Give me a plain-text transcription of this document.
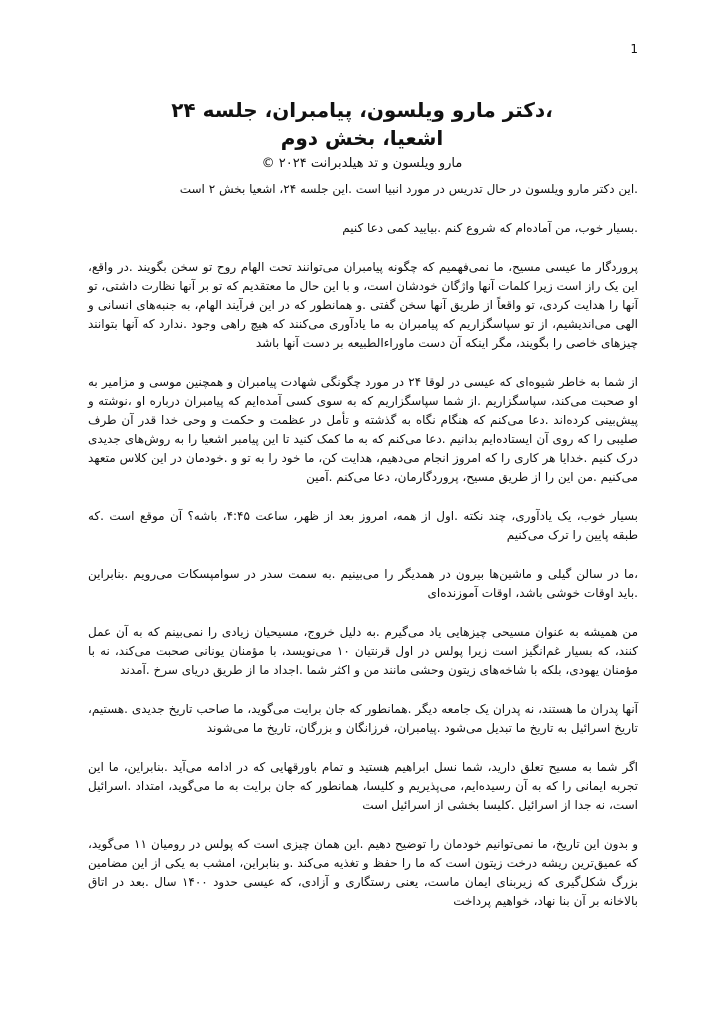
1
،دکتر مارو ویلسون، پیامبران، جلسه ۲۴
اشعیا، بخش دوم
مارو ویلسون و تد هیلدبرانت ۲۰۲۴ ©

.این دکتر مارو ویلسون در حال تدریس در مورد انبیا است .این جلسه ۲۴، اشعیا بخش ۲ است

.بسیار خوب، من آماده‌ام که شروع کنم .بیایید کمی دعا کنیم

پروردگار ما عیسی مسیح، ما نمی‌فهمیم که چگونه پیامبران می‌توانند تحت الهام روح تو سخن بگویند .در واقع، این یک راز است زیرا کلمات آنها واژگان خودشان است، و با این حال ما معتقدیم که تو بر آنها نظارت داشتی، تو آنها را هدایت کردی، تو واقعاً از طریق آنها سخن گفتی .و همانطور که در این فرآیند الهام، به جنبه‌های انسانی و الهی می‌اندیشیم، از تو سپاسگزاریم که پیامبران به ما یادآوری می‌کنند که هیچ راهی وجود .ندارد که آنها بتوانند چیزهای خاصی را بگویند، مگر اینکه آن دست ماوراءالطبیعه بر دست آنها باشد

از شما به خاطر شیوه‌ای که عیسی در لوقا ۲۴ در مورد چگونگی شهادت پیامبران و همچنین موسی و مزامیر به او صحبت می‌کند، سپاسگزاریم .از شما سپاسگزاریم که به سوی کسی آمده‌ایم که پیامبران درباره او ،نوشته و پیش‌بینی کرده‌اند .دعا می‌کنم که هنگام نگاه به گذشته و تأمل در عظمت و حکمت و وحی خدا قدر آن طرف صلیبی را که روی آن ایستاده‌ایم بدانیم .دعا می‌کنم که به ما کمک کنید تا این پیامبر اشعیا را به روش‌های جدیدی درک کنیم .خدایا هر کاری را که امروز انجام می‌دهیم، هدایت کن، ما خود را به تو و .خودمان در این کلاس متعهد می‌کنیم .من این را از طریق مسیح، پروردگارمان، دعا می‌کنم .آمین

بسیار خوب، یک یادآوری، چند نکته .اول از همه، امروز بعد از ظهر، ساعت ۴:۴۵، باشه؟ آن موقع است .که طبقه پایین را ترک می‌کنیم

،ما در سالن گیلی و ماشین‌ها بیرون در همدیگر را می‌بینیم .به سمت سدر در سوامپسکات می‌رویم .بنابراین .باید اوقات خوشی باشد، اوقات آموزنده‌ای

من همیشه به عنوان مسیحی چیزهایی یاد می‌گیرم .به دلیل خروج، مسیحیان زیادی را نمی‌بینم که به آن عمل کنند، که بسیار غم‌انگیز است زیرا پولس در اول قرنتیان ۱۰ می‌نویسد، با مؤمنان یونانی صحبت می‌کند، نه با مؤمنان یهودی، بلکه با شاخه‌های زیتون وحشی مانند من و اکثر شما .اجداد ما از طریق دریای سرخ .آمدند

آنها پدران ما هستند، نه پدران یک جامعه دیگر .همانطور که جان برایت می‌گوید، ما صاحب تاریخ جدیدی .هستیم، تاریخ اسرائیل به تاریخ ما تبدیل می‌شود .پیامبران، فرزانگان و بزرگان، تاریخ ما می‌شوند

اگر شما به مسیح تعلق دارید، شما نسل ابراهیم هستید و تمام باورقهایی که در ادامه می‌آید .بنابراین، ما این تجربه ایمانی را که به آن رسیده‌ایم، می‌پذیریم و کلیسا، همانطور که جان برایت به ما می‌گوید، امتداد .اسرائیل است، نه جدا از اسرائیل .کلیسا بخشی از اسرائیل است

و بدون این تاریخ، ما نمی‌توانیم خودمان را توضیح دهیم .این همان چیزی است که پولس در رومیان ۱۱ می‌گوید، که عمیق‌ترین ریشه درخت زیتون است که ما را حفظ و تغذیه می‌کند .و بنابراین، امشب به یکی از این مضامین بزرگ شکل‌گیری که زیربنای ایمان ماست، یعنی رستگاری و آزادی، که عیسی حدود ۱۴۰۰ سال .بعد در اتاق بالاخانه بر آن بنا نهاد، خواهیم پرداخت
